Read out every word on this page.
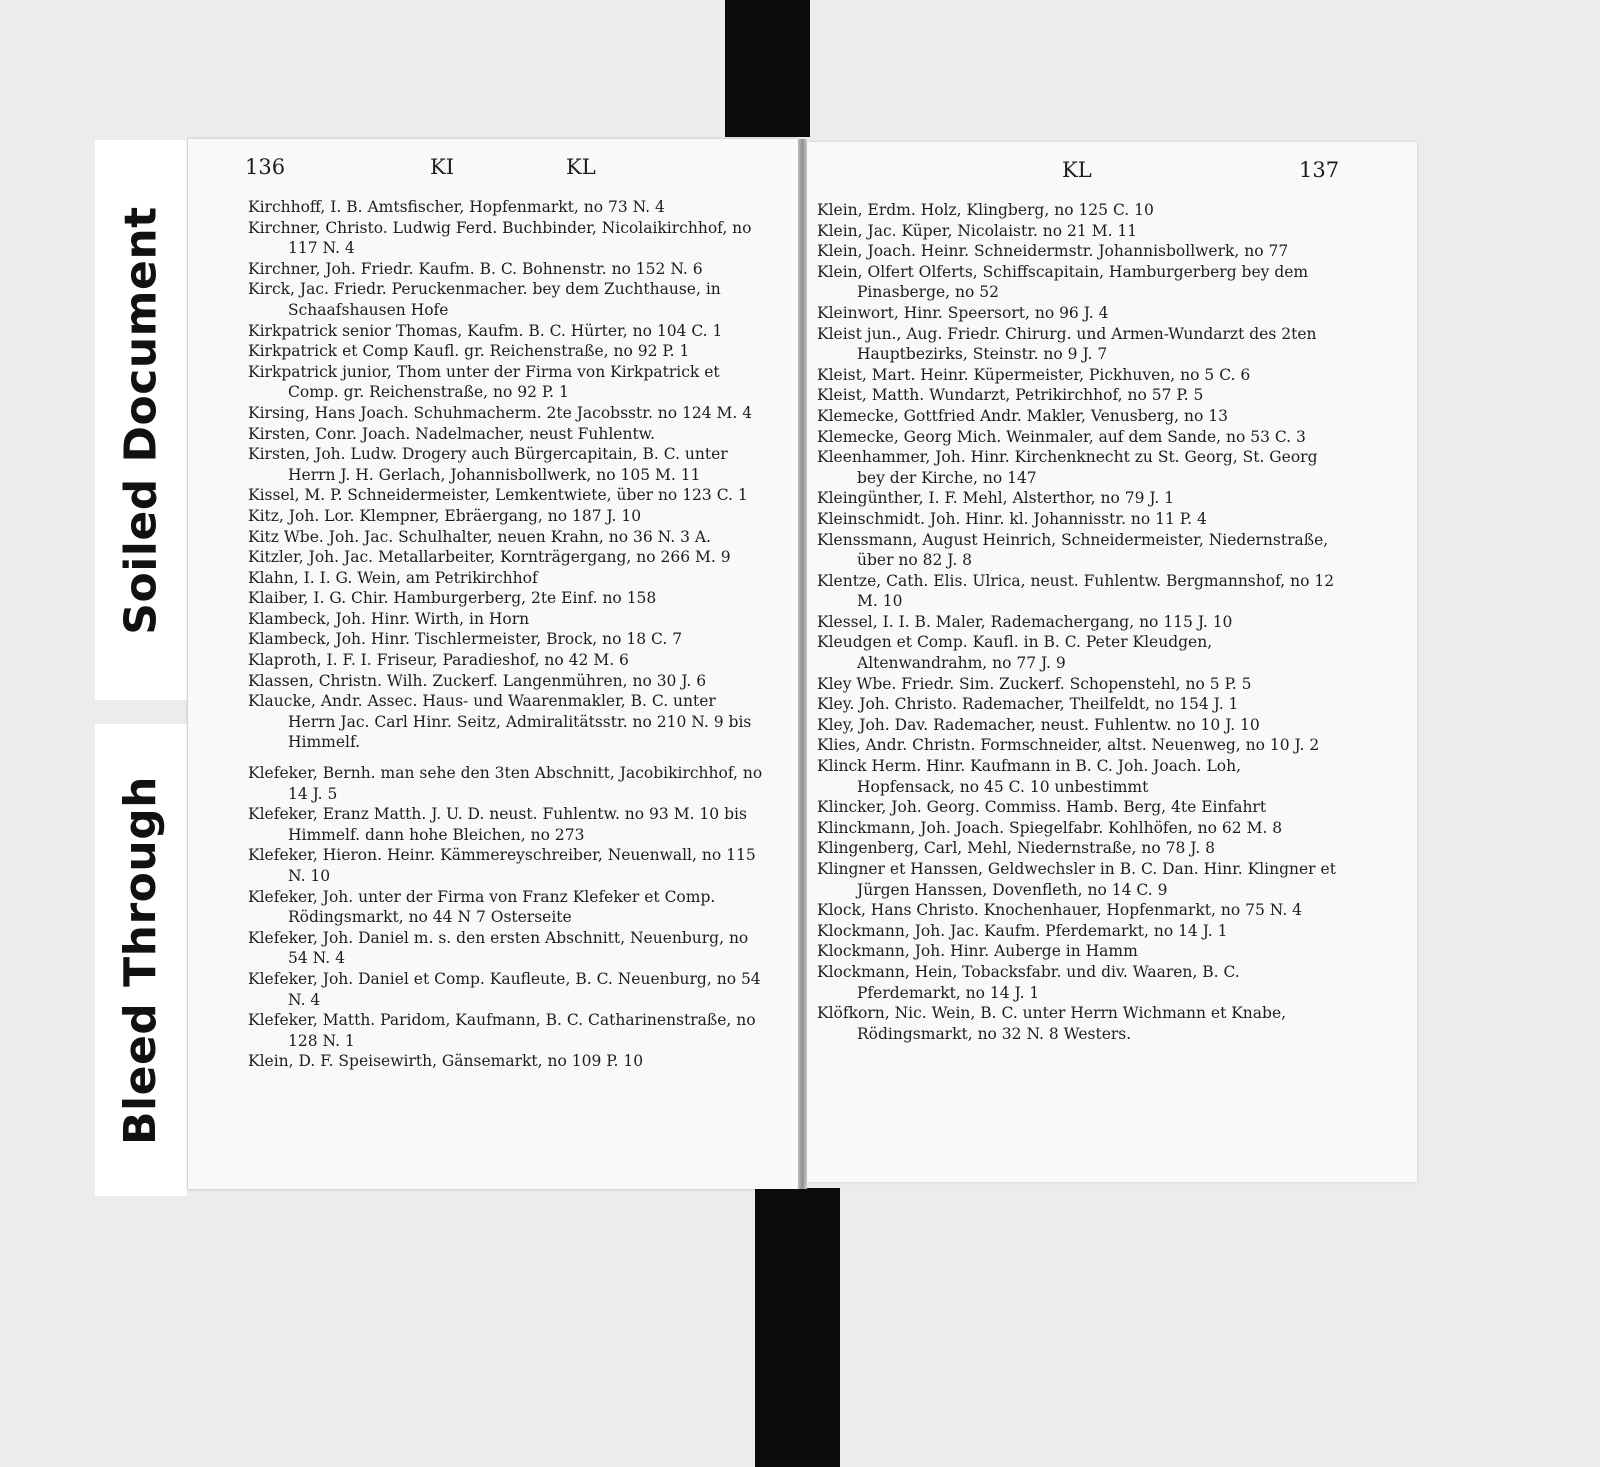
Soiled Document
Bleed Through
136	KI	KL
Kirchhoff, I. B. Amtsfischer, Hopfenmarkt, no 73 N. 4
Kirchner, Christo. Ludwig Ferd. Buchbinder, Nicolaikirchhof, no 117 N. 4
Kirchner, Joh. Friedr. Kaufm. B. C. Bohnenstr. no 152 N. 6
Kirck, Jac. Friedr. Peruckenmacher. bey dem Zuchthause, in Schaafshausen Hofe
Kirkpatrick senior Thomas, Kaufm. B. C. Hürter, no 104 C. 1
Kirkpatrick et Comp Kaufl. gr. Reichenstraße, no 92 P. 1
Kirkpatrick junior, Thom unter der Firma von Kirkpatrick et Comp. gr. Reichenstraße, no 92 P. 1
Kirsing, Hans Joach. Schuhmacherm. 2te Jacobsstr. no 124 M. 4
Kirsten, Conr. Joach. Nadelmacher, neust Fuhlentw.
Kirsten, Joh. Ludw. Drogery auch Bürgercapitain, B. C. unter Herrn J. H. Gerlach, Johannisbollwerk, no 105 M. 11
Kissel, M. P. Schneidermeister, Lemkentwiete, über no 123 C. 1
Kitz, Joh. Lor. Klempner, Ebräergang, no 187 J. 10
Kitz Wbe. Joh. Jac. Schulhalter, neuen Krahn, no 36 N. 3 A.
Kitzler, Joh. Jac. Metallarbeiter, Kornträgergang, no 266 M. 9
Klahn, I. I. G. Wein, am Petrikirchhof
Klaiber, I. G. Chir. Hamburgerberg, 2te Einf. no 158
Klambeck, Joh. Hinr. Wirth, in Horn
Klambeck, Joh. Hinr. Tischlermeister, Brock, no 18 C. 7
Klaproth, I. F. I. Friseur, Paradieshof, no 42 M. 6
Klassen, Christn. Wilh. Zuckerf. Langenmühren, no 30 J. 6
Klaucke, Andr. Assec. Haus- und Waarenmakler, B. C. unter Herrn Jac. Carl Hinr. Seitz, Admiralitätsstr. no 210 N. 9 bis Himmelf.
Klefeker, Bernh. man sehe den 3ten Abschnitt, Jacobikirchhof, no 14 J. 5
Klefeker, Eranz Matth. J. U. D. neust. Fuhlentw. no 93 M. 10 bis Himmelf. dann hohe Bleichen, no 273
Klefeker, Hieron. Heinr. Kämmereyschreiber, Neuenwall, no 115 N. 10
Klefeker, Joh. unter der Firma von Franz Klefeker et Comp. Rödingsmarkt, no 44 N 7 Osterseite
Klefeker, Joh. Daniel m. s. den ersten Abschnitt, Neuenburg, no 54 N. 4
Klefeker, Joh. Daniel et Comp. Kaufleute, B. C. Neuenburg, no 54 N. 4
Klefeker, Matth. Paridom, Kaufmann, B. C. Catharinenstraße, no 128 N. 1
Klein, D. F. Speisewirth, Gänsemarkt, no 109 P. 10
KL	137
Klein, Erdm. Holz, Klingberg, no 125 C. 10
Klein, Jac. Küper, Nicolaistr. no 21 M. 11
Klein, Joach. Heinr. Schneidermstr. Johannisbollwerk, no 77
Klein, Olfert Olferts, Schiffscapitain, Hamburgerberg bey dem Pinasberge, no 52
Kleinwort, Hinr. Speersort, no 96 J. 4
Kleist jun., Aug. Friedr. Chirurg. und Armen-Wundarzt des 2ten Hauptbezirks, Steinstr. no 9 J. 7
Kleist, Mart. Heinr. Küpermeister, Pickhuven, no 5 C. 6
Kleist, Matth. Wundarzt, Petrikirchhof, no 57 P. 5
Klemecke, Gottfried Andr. Makler, Venusberg, no 13
Klemecke, Georg Mich. Weinmaler, auf dem Sande, no 53 C. 3
Kleenhammer, Joh. Hinr. Kirchenknecht zu St. Georg, St. Georg bey der Kirche, no 147
Kleingünther, I. F. Mehl, Alsterthor, no 79 J. 1
Kleinschmidt. Joh. Hinr. kl. Johannisstr. no 11 P. 4
Klenssmann, August Heinrich, Schneidermeister, Niedernstraße, über no 82 J. 8
Klentze, Cath. Elis. Ulrica, neust. Fuhlentw. Bergmannshof, no 12 M. 10
Klessel, I. I. B. Maler, Rademachergang, no 115 J. 10
Kleudgen et Comp. Kaufl. in B. C. Peter Kleudgen, Altenwandrahm, no 77 J. 9
Kley Wbe. Friedr. Sim. Zuckerf. Schopenstehl, no 5 P. 5
Kley. Joh. Christo. Rademacher, Theilfeldt, no 154 J. 1
Kley, Joh. Dav. Rademacher, neust. Fuhlentw. no 10 J. 10
Klies, Andr. Christn. Formschneider, altst. Neuenweg, no 10 J. 2
Klinck Herm. Hinr. Kaufmann in B. C. Joh. Joach. Loh, Hopfensack, no 45 C. 10 unbestimmt
Klincker, Joh. Georg. Commiss. Hamb. Berg, 4te Einfahrt
Klinckmann, Joh. Joach. Spiegelfabr. Kohlhöfen, no 62 M. 8
Klingenberg, Carl, Mehl, Niedernstraße, no 78 J. 8
Klingner et Hanssen, Geldwechsler in B. C. Dan. Hinr. Klingner et Jürgen Hanssen, Dovenfleth, no 14 C. 9
Klock, Hans Christo. Knochenhauer, Hopfenmarkt, no 75 N. 4
Klockmann, Joh. Jac. Kaufm. Pferdemarkt, no 14 J. 1
Klockmann, Joh. Hinr. Auberge in Hamm
Klockmann, Hein, Tobacksfabr. und div. Waaren, B. C. Pferdemarkt, no 14 J. 1
Klöfkorn, Nic. Wein, B. C. unter Herrn Wichmann et Knabe, Rödingsmarkt, no 32 N. 8 Westers.
